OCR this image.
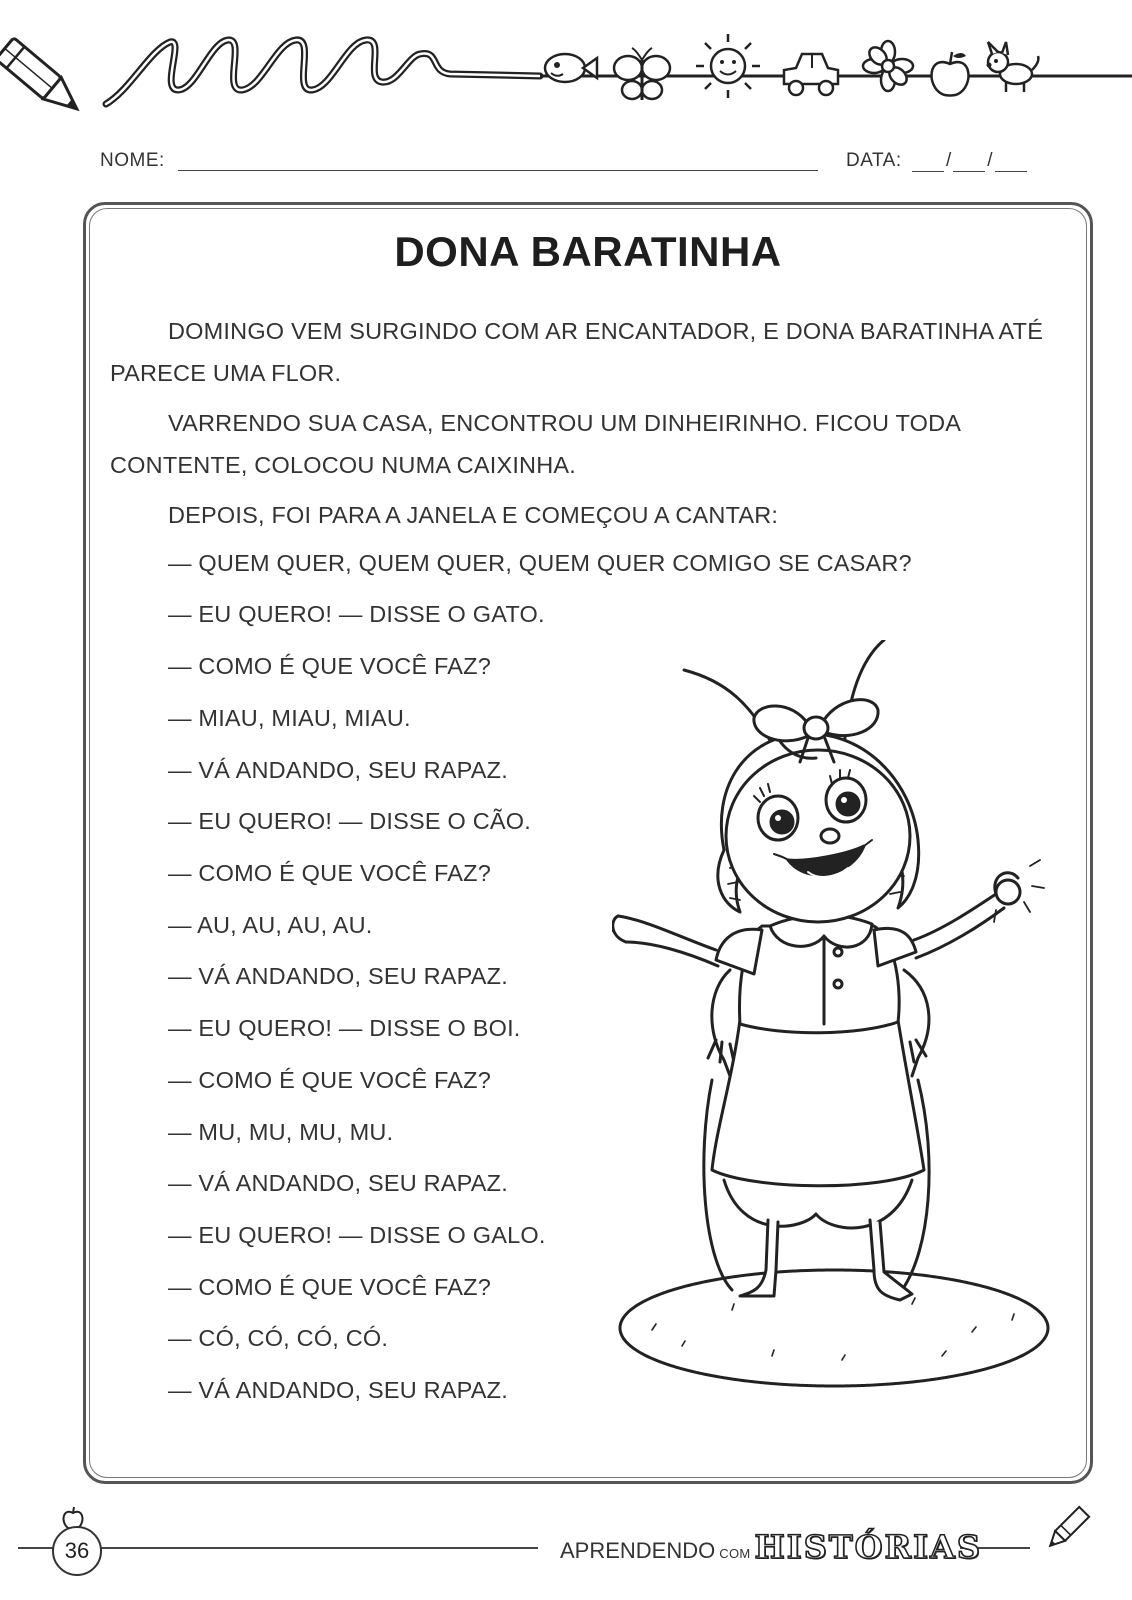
NOME:	DATA: / /
DONA BARATINHA
DOMINGO VEM SURGINDO COM AR ENCANTADOR, E DONA BARATINHA ATÉ PARECE UMA FLOR.
VARRENDO SUA CASA, ENCONTROU UM DINHEIRINHO. FICOU TODA CONTENTE, COLOCOU NUMA CAIXINHA.
DEPOIS, FOI PARA A JANELA E COMEÇOU A CANTAR:
— QUEM QUER, QUEM QUER, QUEM QUER COMIGO SE CASAR?
— EU QUERO! — DISSE O GATO.
— COMO É QUE VOCÊ FAZ?
— MIAU, MIAU, MIAU.
— VÁ ANDANDO, SEU RAPAZ.
— EU QUERO! — DISSE O CÃO.
— COMO É QUE VOCÊ FAZ?
— AU, AU, AU, AU.
— VÁ ANDANDO, SEU RAPAZ.
— EU QUERO! — DISSE O BOI.
— COMO É QUE VOCÊ FAZ?
— MU, MU, MU, MU.
— VÁ ANDANDO, SEU RAPAZ.
— EU QUERO! — DISSE O GALO.
— COMO É QUE VOCÊ FAZ?
— CÓ, CÓ, CÓ, CÓ.
— VÁ ANDANDO, SEU RAPAZ.
36	APRENDENDO COM HISTÓRIAS
